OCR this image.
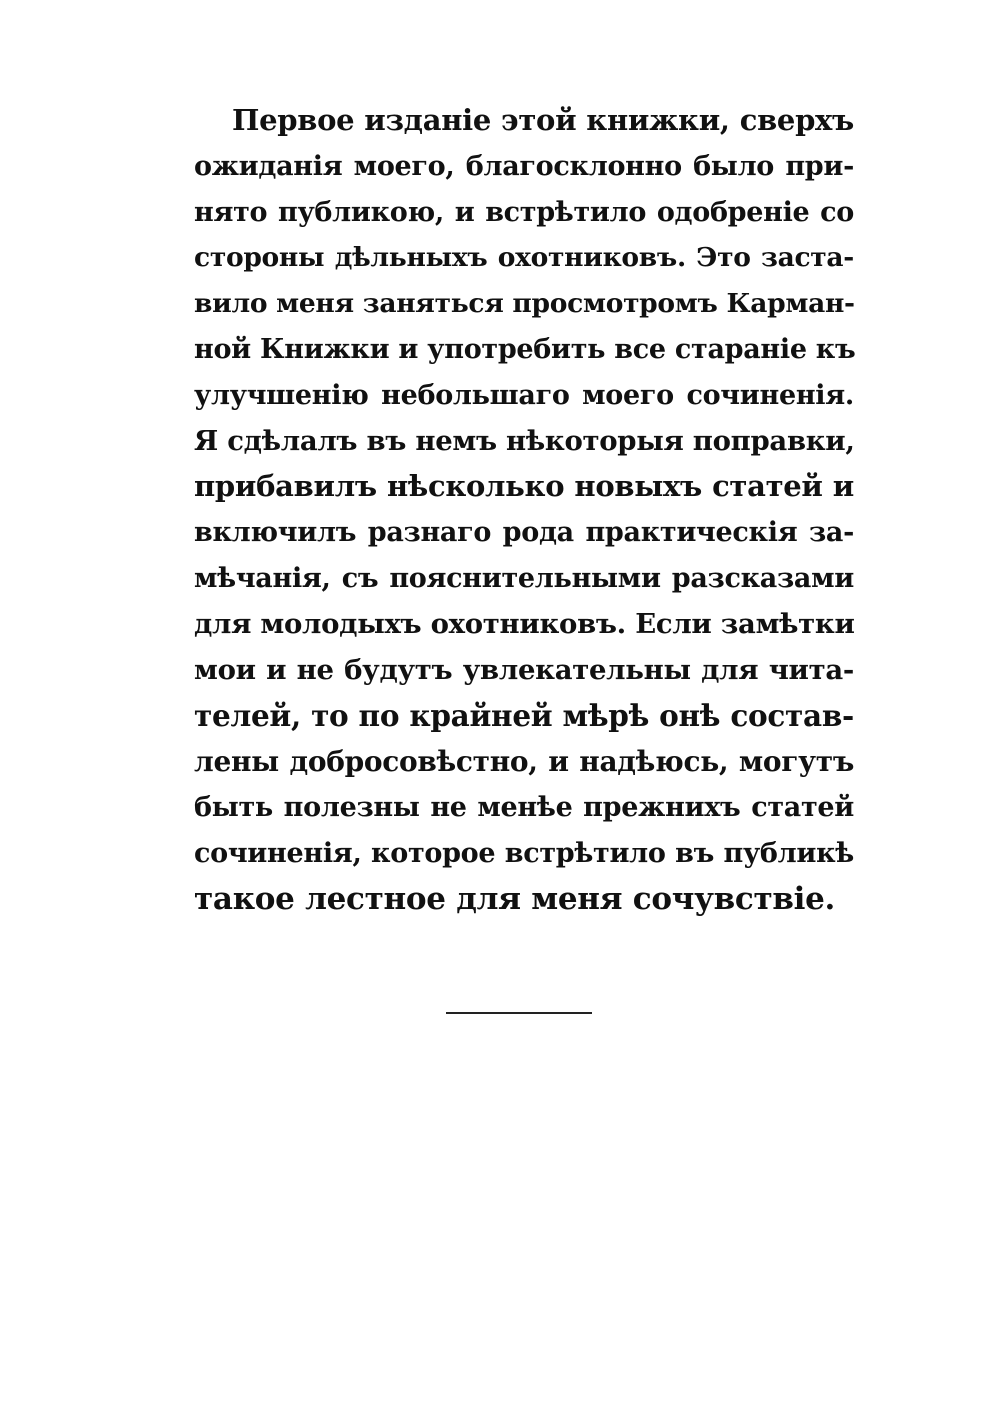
Первое изданіе этой книжки, сверхъ
ожиданія моего, благосклонно было при-
нято публикою, и встрѣтило одобреніе со
стороны дѣльныхъ охотниковъ. Это заста-
вило меня заняться просмотромъ Карман-
ной Книжки и употребить все стараніе къ
улучшенію небольшаго моего сочиненія.
Я сдѣлалъ въ немъ нѣкоторыя поправки,
прибавилъ нѣсколько новыхъ статей и
включилъ разнаго рода практическія за-
мѣчанія, съ пояснительными разсказами
для молодыхъ охотниковъ. Если замѣтки
мои и не будутъ увлекательны для чита-
телей, то по крайней мѣрѣ онѣ состав-
лены добросовѣстно, и надѣюсь, могутъ
быть полезны не менѣе прежнихъ статей
сочиненія, которое встрѣтило въ публикѣ
такое лестное для меня сочувствіе.
